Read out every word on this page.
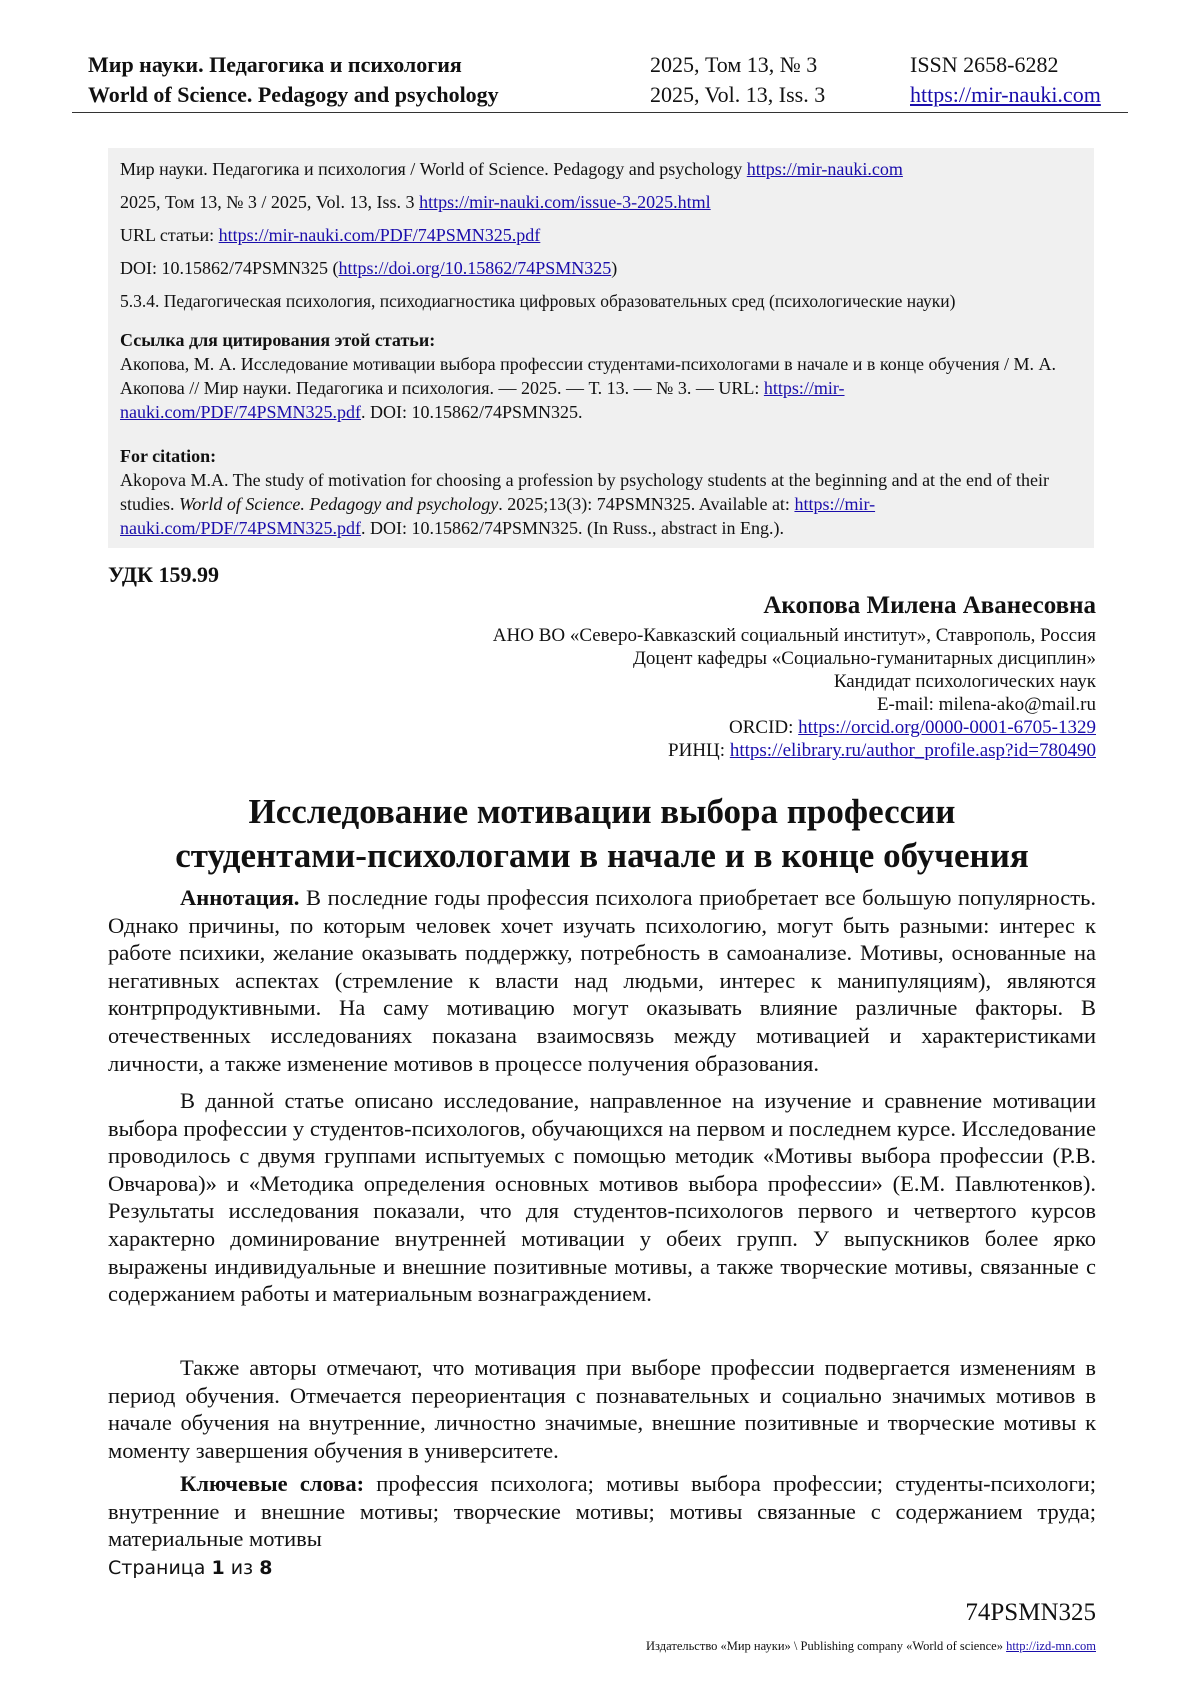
Мир науки. Педагогика и психология
World of Science. Pedagogy and psychology
2025, Том 13, № 3
2025, Vol. 13, Iss. 3
ISSN 2658-6282
https://mir-nauki.com
Мир науки. Педагогика и психология / World of Science. Pedagogy and psychology https://mir-nauki.com
2025, Том 13, № 3 / 2025, Vol. 13, Iss. 3 https://mir-nauki.com/issue-3-2025.html
URL статьи: https://mir-nauki.com/PDF/74PSMN325.pdf
DOI: 10.15862/74PSMN325 (https://doi.org/10.15862/74PSMN325)
5.3.4. Педагогическая психология, психодиагностика цифровых образовательных сред (психологические науки)

Ссылка для цитирования этой статьи:

Акопова, М. А. Исследование мотивации выбора профессии студентами-психологами в начале и в конце обучения / М. А. Акопова // Мир науки. Педагогика и психология. — 2025. — Т. 13. — № 3. — URL: https://mir-nauki.com/PDF/74PSMN325.pdf. DOI: 10.15862/74PSMN325.

For citation:

Akopova M.A. The study of motivation for choosing a profession by psychology students at the beginning and at the end of their studies. World of Science. Pedagogy and psychology. 2025;13(3): 74PSMN325. Available at: https://mir-nauki.com/PDF/74PSMN325.pdf. DOI: 10.15862/74PSMN325. (In Russ., abstract in Eng.).

УДК 159.99
Акопова Милена Аванесовна
АНО ВО «Северо-Кавказский социальный институт», Ставрополь, Россия
Доцент кафедры «Социально-гуманитарных дисциплин»
Кандидат психологических наук
E-mail: milena-ako@mail.ru
ORCID: https://orcid.org/0000-0001-6705-1329
РИНЦ: https://elibrary.ru/author_profile.asp?id=780490
Исследование мотивации выбора профессии
студентами-психологами в начале и в конце обучения

Аннотация. В последние годы профессия психолога приобретает все большую популярность. Однако причины, по которым человек хочет изучать психологию, могут быть разными: интерес к работе психики, желание оказывать поддержку, потребность в самоанализе. Мотивы, основанные на негативных аспектах (стремление к власти над людьми, интерес к манипуляциям), являются контрпродуктивными. На саму мотивацию могут оказывать влияние различные факторы. В отечественных исследованиях показана взаимосвязь между мотивацией и характеристиками личности, а также изменение мотивов в процессе получения образования.

В данной статье описано исследование, направленное на изучение и сравнение мотивации выбора профессии у студентов-психологов, обучающихся на первом и последнем курсе. Исследование проводилось с двумя группами испытуемых с помощью методик «Мотивы выбора профессии (Р.В. Овчарова)» и «Методика определения основных мотивов выбора профессии» (Е.М. Павлютенков). Результаты исследования показали, что для студентов-психологов первого и четвертого курсов характерно доминирование внутренней мотивации у обеих групп. У выпускников более ярко выражены индивидуальные и внешние позитивные мотивы, а также творческие мотивы, связанные с содержанием работы и материальным вознаграждением.

Также авторы отмечают, что мотивация при выборе профессии подвергается изменениям в период обучения. Отмечается переориентация с познавательных и социально значимых мотивов в начале обучения на внутренние, личностно значимые, внешние позитивные и творческие мотивы к моменту завершения обучения в университете.

Ключевые слова: профессия психолога; мотивы выбора профессии; студенты-психологи; внутренние и внешние мотивы; творческие мотивы; мотивы связанные с содержанием труда; материальные мотивы

Страница 1 из 8
74PSMN325
Издательство «Мир науки» \ Publishing company «World of science» http://izd-mn.com
